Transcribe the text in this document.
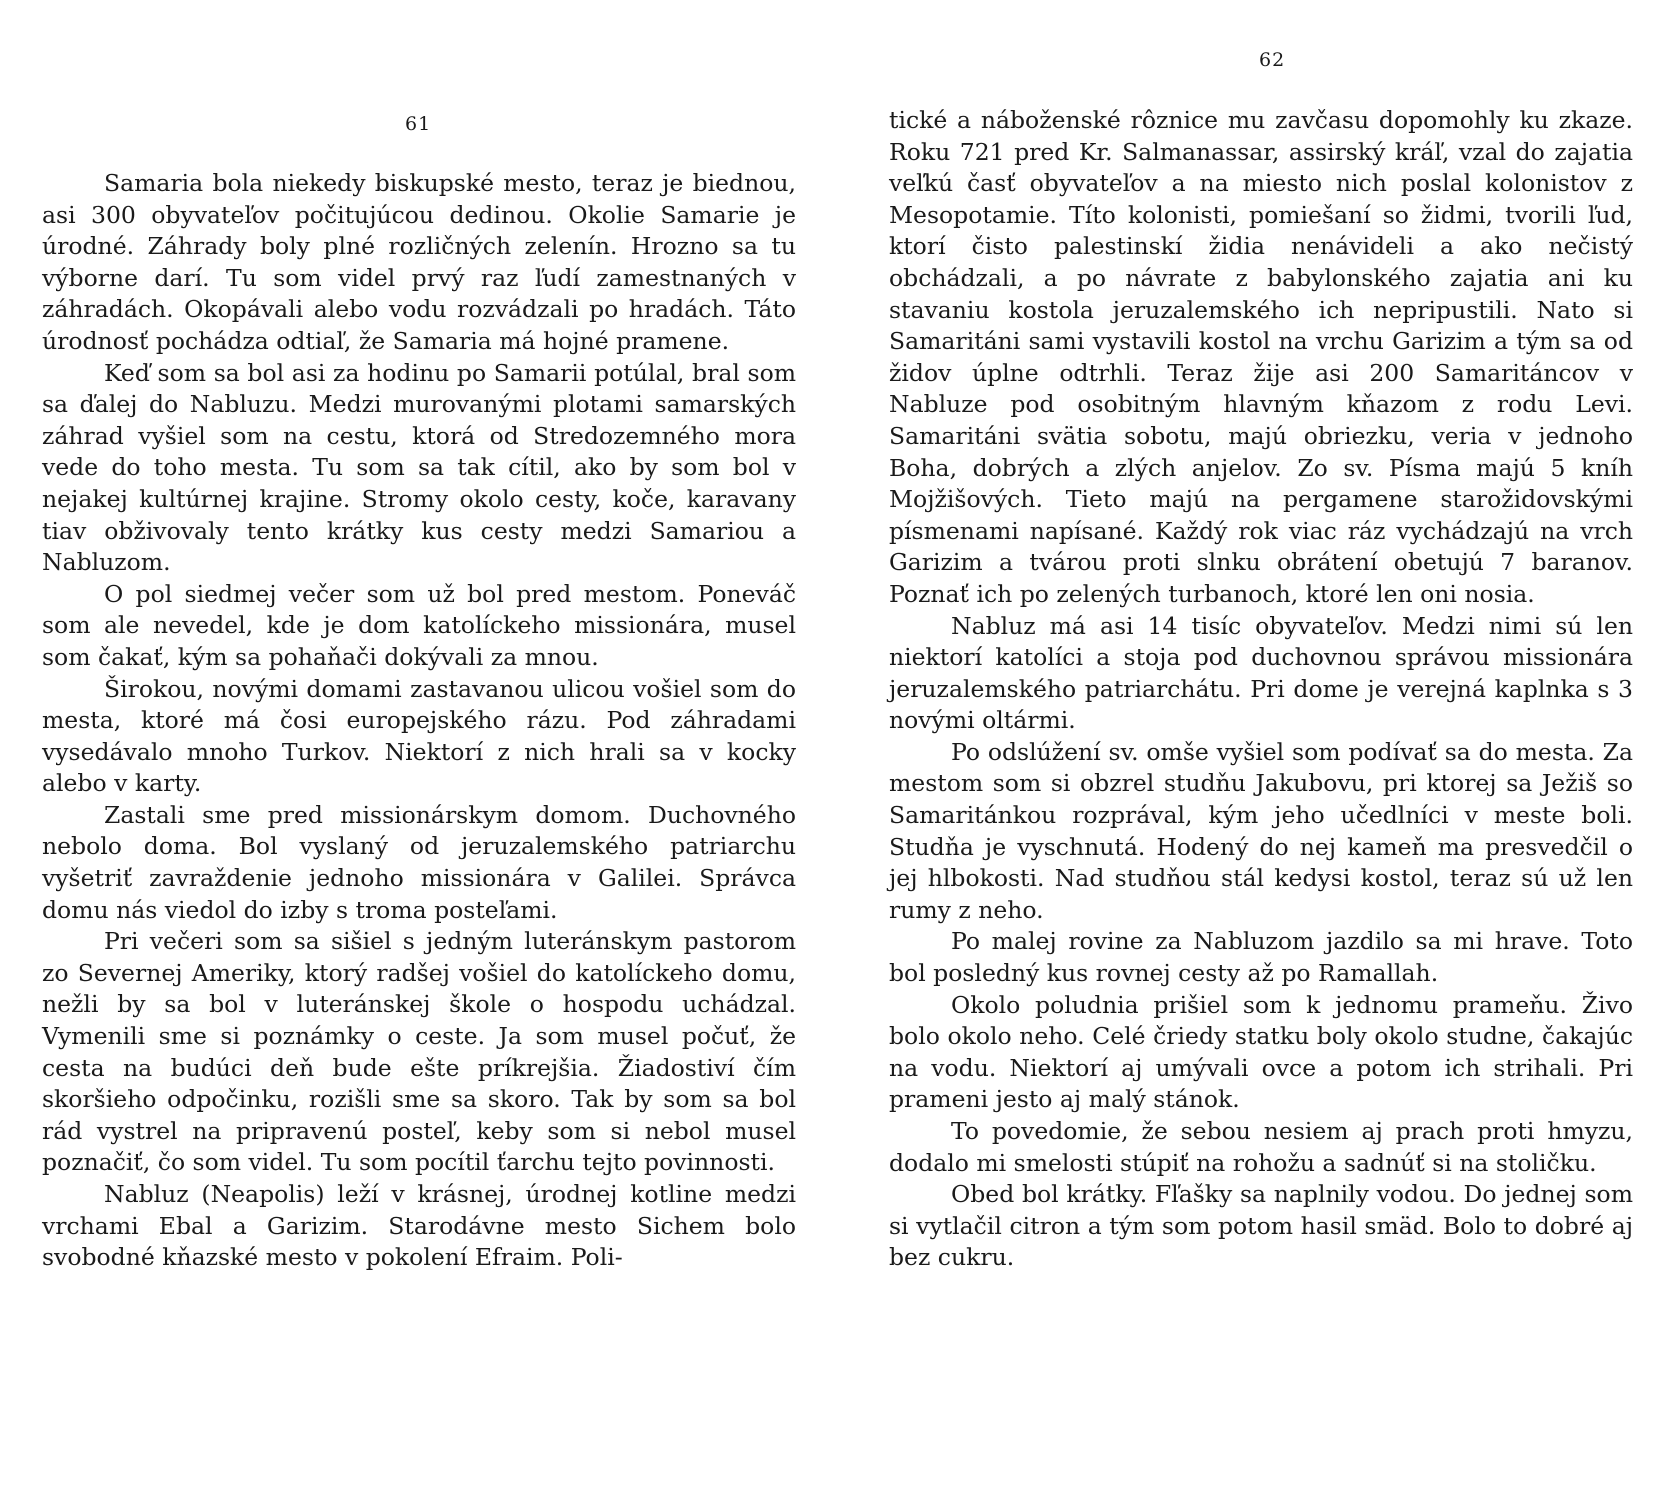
61

Samaria bola niekedy biskupské mesto, teraz je biednou, asi 300 obyvateľov počitujúcou dedinou. Okolie Samarie je úrodné. Záhrady boly plné rozličných zelenín. Hrozno sa tu výborne darí. Tu som videl prvý raz ľudí zamestnaných v záhradách. Okopávali alebo vodu rozvádzali po hradách. Táto úrodnosť pochádza odtiaľ, že Samaria má hojné pramene.

Keď som sa bol asi za hodinu po Samarii potúlal, bral som sa ďalej do Nabluzu. Medzi murovanými plotami samarských záhrad vyšiel som na cestu, ktorá od Stredozemného mora vede do toho mesta. Tu som sa tak cítil, ako by som bol v nejakej kultúrnej krajine. Stromy okolo cesty, koče, karavany tiav obživovaly tento krátky kus cesty medzi Samariou a Nabluzom.

O pol siedmej večer som už bol pred mestom. Poneváč som ale nevedel, kde je dom katolíckeho missionára, musel som čakať, kým sa pohaňači dokývali za mnou.

Širokou, novými domami zastavanou ulicou vošiel som do mesta, ktoré má čosi europejského rázu. Pod záhradami vysedávalo mnoho Turkov. Niektorí z nich hrali sa v kocky alebo v karty.

Zastali sme pred missionárskym domom. Duchovného nebolo doma. Bol vyslaný od jeruzalemského patriarchu vyšetriť zavraždenie jednoho missionára v Galilei. Správca domu nás viedol do izby s troma posteľami.

Pri večeri som sa sišiel s jedným luteránskym pastorom zo Severnej Ameriky, ktorý radšej vošiel do katolíckeho domu, nežli by sa bol v luteránskej škole o hospodu uchádzal. Vymenili sme si poznámky o ceste. Ja som musel počuť, že cesta na budúci deň bude ešte príkrejšia. Žiadostiví čím skoršieho odpočinku, rozišli sme sa skoro. Tak by som sa bol rád vystrel na pripravenú posteľ, keby som si nebol musel poznačiť, čo som videl. Tu som pocítil ťarchu tejto povinnosti.

Nabluz (Neapolis) leží v krásnej, úrodnej kotline medzi vrchami Ebal a Garizim. Starodávne mesto Sichem bolo svobodné kňazské mesto v pokolení Efraim. Poli-

62

tické a náboženské rôznice mu zavčasu dopomohly ku zkaze. Roku 721 pred Kr. Salmanassar, assirský kráľ, vzal do zajatia veľkú časť obyvateľov a na miesto nich poslal kolonistov z Mesopotamie. Títo kolonisti, pomiešaní so židmi, tvorili ľud, ktorí čisto palestinskí židia nenávideli a ako nečistý obchádzali, a po návrate z babylonského zajatia ani ku stavaniu kostola jeruzalemského ich nepripustili. Nato si Samaritáni sami vystavili kostol na vrchu Garizim a tým sa od židov úplne odtrhli. Teraz žije asi 200 Samaritáncov v Nabluze pod osobitným hlavným kňazom z rodu Levi. Samaritáni svätia sobotu, majú obriezku, veria v jednoho Boha, dobrých a zlých anjelov. Zo sv. Písma majú 5 kníh Mojžišových. Tieto majú na pergamene starožidovskými písmenami napísané. Každý rok viac ráz vychádzajú na vrch Garizim a tvárou proti slnku obrátení obetujú 7 baranov. Poznať ich po zelených turbanoch, ktoré len oni nosia.

Nabluz má asi 14 tisíc obyvateľov. Medzi nimi sú len niektorí katolíci a stoja pod duchovnou správou missionára jeruzalemského patriarchátu. Pri dome je verejná kaplnka s 3 novými oltármi.

Po odslúžení sv. omše vyšiel som podívať sa do mesta. Za mestom som si obzrel studňu Jakubovu, pri ktorej sa Ježiš so Samaritánkou rozprával, kým jeho učedlníci v meste boli. Studňa je vyschnutá. Hodený do nej kameň ma presvedčil o jej hlbokosti. Nad studňou stál kedysi kostol, teraz sú už len rumy z neho.

Po malej rovine za Nabluzom jazdilo sa mi hrave. Toto bol posledný kus rovnej cesty až po Ramallah.

Okolo poludnia prišiel som k jednomu prameňu. Živo bolo okolo neho. Celé čriedy statku boly okolo studne, čakajúc na vodu. Niektorí aj umývali ovce a potom ich strihali. Pri prameni jesto aj malý stánok.

To povedomie, že sebou nesiem aj prach proti hmyzu, dodalo mi smelosti stúpiť na rohožu a sadnúť si na stoličku.

Obed bol krátky. Fľašky sa naplnily vodou. Do jednej som si vytlačil citron a tým som potom hasil smäd. Bolo to dobré aj bez cukru.
